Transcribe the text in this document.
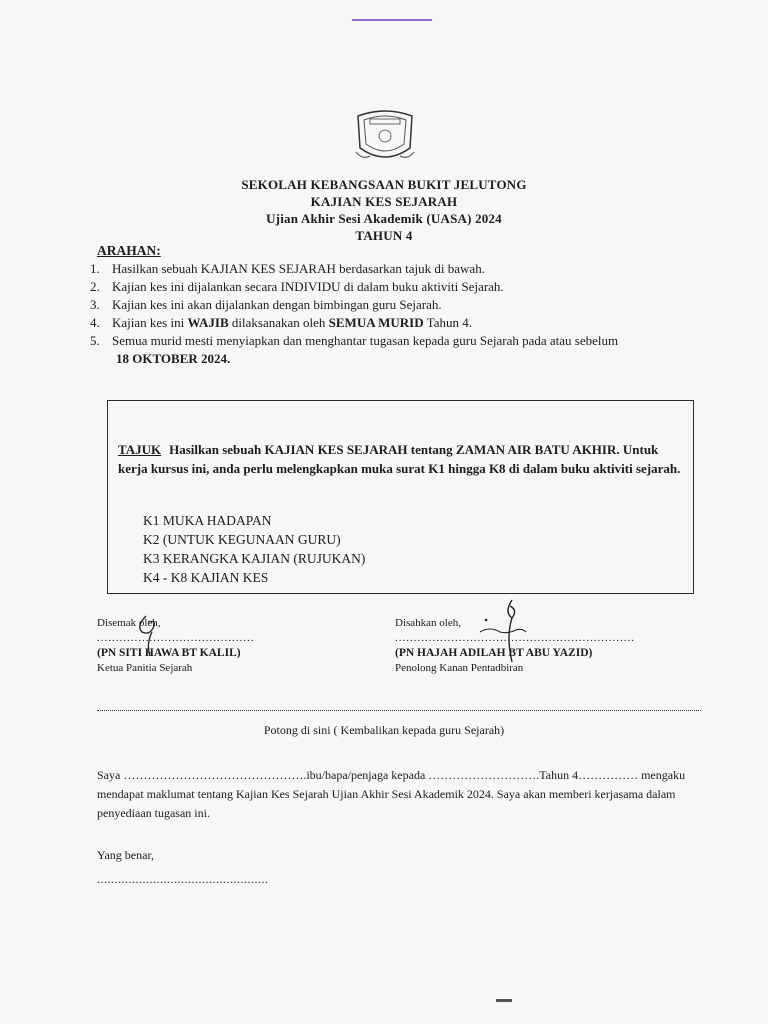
SEKOLAH KEBANGSAAN BUKIT JELUTONG
KAJIAN KES SEJARAH
Ujian Akhir Sesi Akademik (UASA) 2024
TAHUN 4
ARAHAN:
1. Hasilkan sebuah KAJIAN KES SEJARAH berdasarkan tajuk di bawah.
2. Kajian kes ini dijalankan secara INDIVIDU di dalam buku aktiviti Sejarah.
3. Kajian kes ini akan dijalankan dengan bimbingan guru Sejarah.
4. Kajian kes ini WAJIB dilaksanakan oleh SEMUA MURID Tahun 4.
5. Semua murid mesti menyiapkan dan menghantar tugasan kepada guru Sejarah pada atau sebelum
18 OKTOBER 2024.
TAJUK Hasilkan sebuah KAJIAN KES SEJARAH tentang ZAMAN AIR BATU AKHIR. Untuk kerja kursus ini, anda perlu melengkapkan muka surat K1 hingga K8 di dalam buku aktiviti sejarah.
K1 MUKA HADAPAN
K2 (UNTUK KEGUNAAN GURU)
K3 KERANGKA KAJIAN (RUJUKAN)
K4 - K8 KAJIAN KES
Disemak oleh,
..........................................
(PN SITI HAWA BT KALIL)
Ketua Panitia Sejarah
Disahkan oleh,
................................................................
(PN HAJAH ADILAH BT ABU YAZID)
Penolong Kanan Pentadbiran
Potong di sini ( Kembalikan kepada guru Sejarah)
Saya ……………………………………….ibu/bapa/penjaga kepada ……………………….Tahun 4…………… mengaku mendapat maklumat tentang Kajian Kes Sejarah Ujian Akhir Sesi Akademik 2024. Saya akan memberi kerjasama dalam penyediaan tugasan ini.
Yang benar,
.................................................
